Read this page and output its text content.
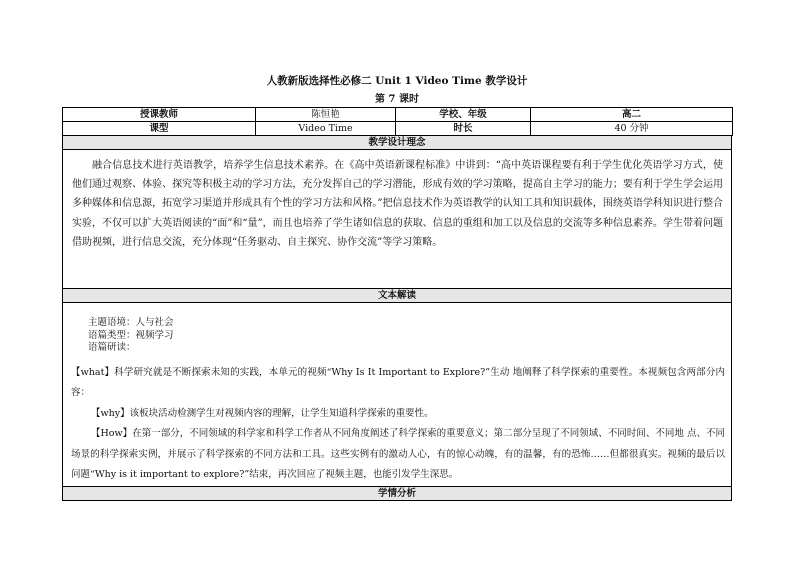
人教新版选择性必修二 Unit 1 Video Time 教学设计
第 7 课时
授课教师	陈恒艳	学校、年级	高二
课型	Video Time	时长	40 分钟
教学设计理念

融合信息技术进行英语教学，培养学生信息技术素养。在《高中英语新课程标准》中讲到：“高中英语课程要有利于学生优化英语学习方式，使他们通过观察、体验、探究等积极主动的学习方法，充分发挥自己的学习潜能，形成有效的学习策略，提高自主学习的能力；要有利于学生学会运用多种媒体和信息源，拓宽学习渠道并形成具有个性的学习方法和风格。”把信息技术作为英语教学的认知工具和知识载体，围绕英语学科知识进行整合实验，不仅可以扩大英语阅读的“面”和“量”，而且也培养了学生诸如信息的获取、信息的重组和加工以及信息的交流等多种信息素养。学生带着问题借助视频，进行信息交流，充分体现“任务驱动、自主探究、协作交流”等学习策略。

文本解读

主题语境：人与社会
语篇类型：视频学习
语篇研读：

【what】科学研究就是不断探索未知的实践，本单元的视频“Why Is It Important to Explore?”生动 地阐释了科学探索的重要性。本视频包含两部分内容：

【why】该板块活动检测学生对视频内容的理解，让学生知道科学探索的重要性。

【How】在第一部分，不同领域的科学家和科学工作者从不同角度阐述了科学探索的重要意义；第二部分呈现了不同领域、不同时间、不同地 点、不同场景的科学探索实例，并展示了科学探索的不同方法和工具。这些实例有的激动人心，有的惊心动魄，有的温馨，有的恐怖……但都很真实。视频的最后以问题“Why is it important to explore?”结束，再次回应了视频主题，也能引发学生深思。

学情分析
